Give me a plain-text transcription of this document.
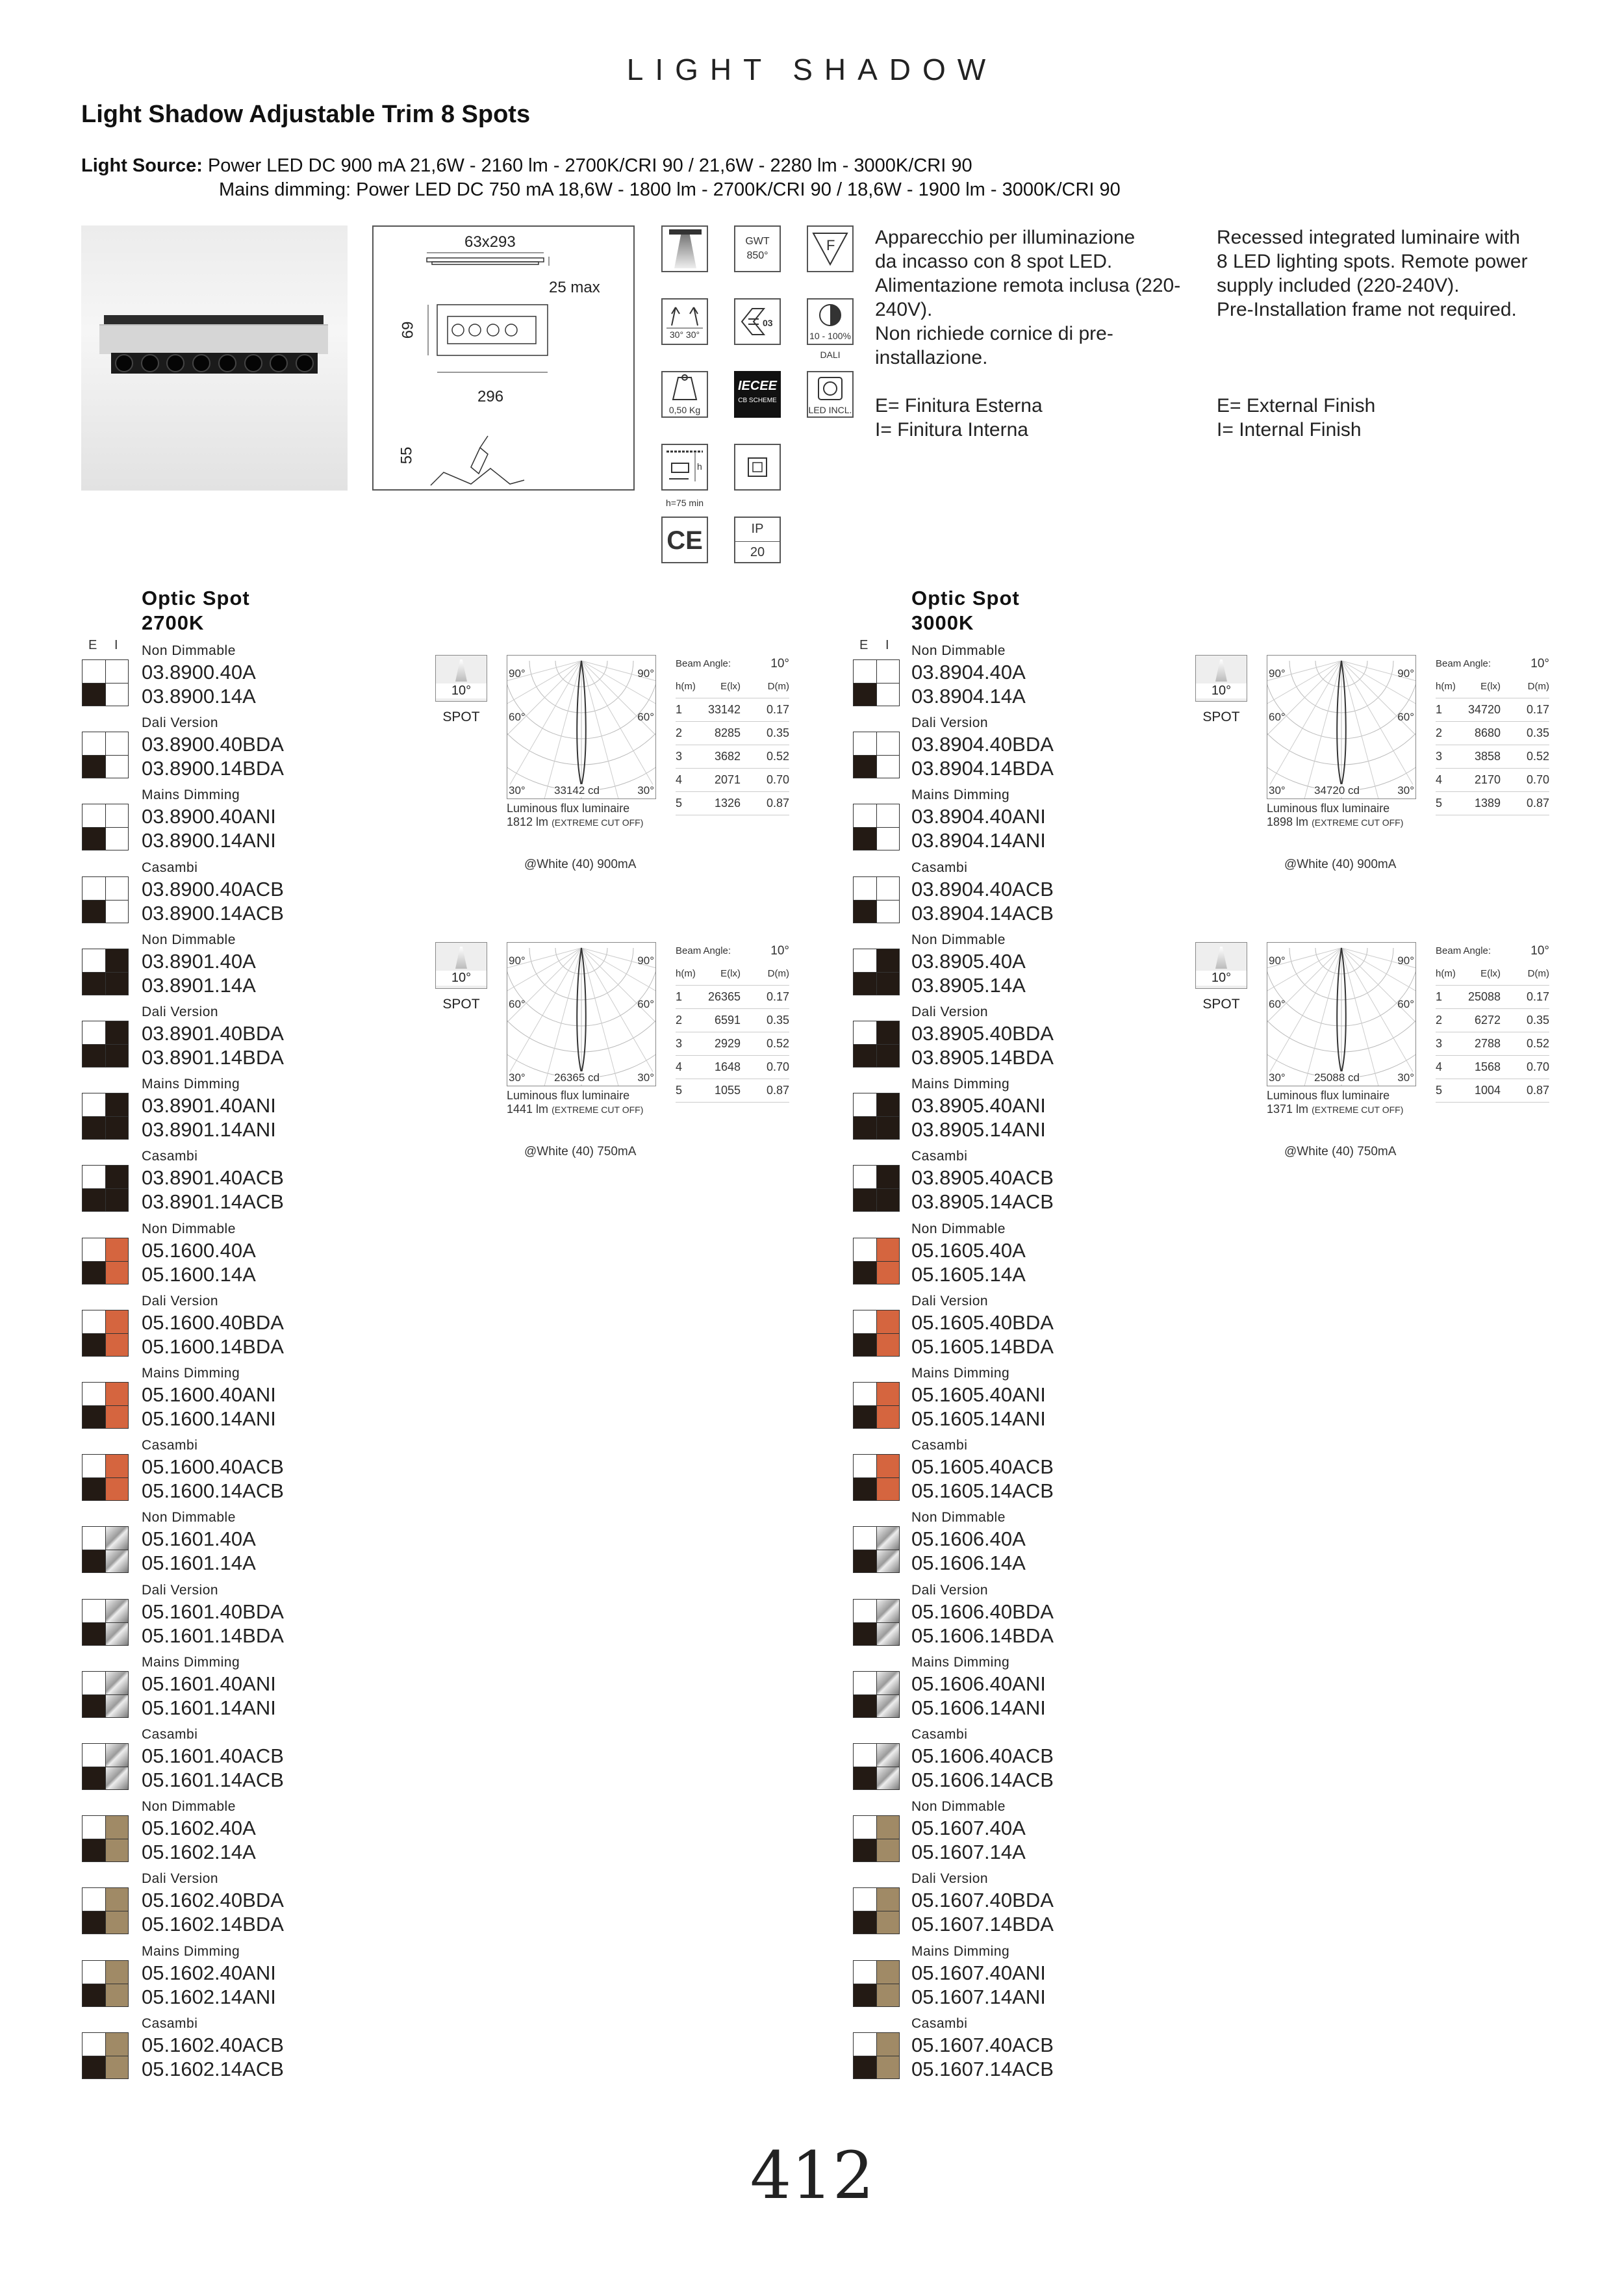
LIGHT SHADOW
Light Shadow Adjustable Trim 8 Spots
Light Source: Power LED DC 900 mA 21,6W - 2160 lm - 2700K/CRI 90 / 21,6W - 2280 lm - 3000K/CRI 90
Mains dimming: Power LED DC 750 mA 18,6W - 1800 lm - 2700K/CRI 90 / 18,6W - 1900 lm - 3000K/CRI 90
63x293
25 max
69
296
55
GWT
850°
F
30° 30°
03
10 - 100%
DALI
0,50 Kg
IECEE
CB SCHEME
LED INCL.
h
h=75 min
CE	IP
20
Apparecchio per illuminazione
da incasso con 8 spot LED.
Alimentazione remota inclusa (220-
240V).
Non richiede cornice di pre-
installazione.
Recessed integrated luminaire with
8 LED lighting spots. Remote power
supply included (220-240V).
Pre-Installation frame not required.
E= Finitura Esterna
I= Finitura Interna
E= External Finish
I= Internal Finish
Optic Spot
2700K
E I
Optic Spot
3000K
E I
Non Dimmable
03.8900.40A
03.8900.14A
Dali Version
03.8900.40BDA
03.8900.14BDA
Mains Dimming
03.8900.40ANI
03.8900.14ANI
Casambi
03.8900.40ACB
03.8900.14ACB
Non Dimmable
03.8901.40A
03.8901.14A
Dali Version
03.8901.40BDA
03.8901.14BDA
Mains Dimming
03.8901.40ANI
03.8901.14ANI
Casambi
03.8901.40ACB
03.8901.14ACB
Non Dimmable
05.1600.40A
05.1600.14A
Dali Version
05.1600.40BDA
05.1600.14BDA
Mains Dimming
05.1600.40ANI
05.1600.14ANI
Casambi
05.1600.40ACB
05.1600.14ACB
Non Dimmable
05.1601.40A
05.1601.14A
Dali Version
05.1601.40BDA
05.1601.14BDA
Mains Dimming
05.1601.40ANI
05.1601.14ANI
Casambi
05.1601.40ACB
05.1601.14ACB
Non Dimmable
05.1602.40A
05.1602.14A
Dali Version
05.1602.40BDA
05.1602.14BDA
Mains Dimming
05.1602.40ANI
05.1602.14ANI
Casambi
05.1602.40ACB
05.1602.14ACB
Non Dimmable
03.8904.40A
03.8904.14A
Dali Version
03.8904.40BDA
03.8904.14BDA
Mains Dimming
03.8904.40ANI
03.8904.14ANI
Casambi
03.8904.40ACB
03.8904.14ACB
Non Dimmable
03.8905.40A
03.8905.14A
Dali Version
03.8905.40BDA
03.8905.14BDA
Mains Dimming
03.8905.40ANI
03.8905.14ANI
Casambi
03.8905.40ACB
03.8905.14ACB
Non Dimmable
05.1605.40A
05.1605.14A
Dali Version
05.1605.40BDA
05.1605.14BDA
Mains Dimming
05.1605.40ANI
05.1605.14ANI
Casambi
05.1605.40ACB
05.1605.14ACB
Non Dimmable
05.1606.40A
05.1606.14A
Dali Version
05.1606.40BDA
05.1606.14BDA
Mains Dimming
05.1606.40ANI
05.1606.14ANI
Casambi
05.1606.40ACB
05.1606.14ACB
Non Dimmable
05.1607.40A
05.1607.14A
Dali Version
05.1607.40BDA
05.1607.14BDA
Mains Dimming
05.1607.40ANI
05.1607.14ANI
Casambi
05.1607.40ACB
05.1607.14ACB
10°
SPOT
90°	90°
60°	60°
30°	30°
33142 cd
Luminous flux luminaire
1812 lm (EXTREME CUT OFF)
@White (40) 900mA
Beam Angle:	10°
h(m)	E(lx)	D(m)
1	33142	0.17
2	8285	0.35
3	3682	0.52
4	2071	0.70
5	1326	0.87
10°
SPOT
90°	90°
60°	60°
30°	30°
26365 cd
Luminous flux luminaire
1441 lm (EXTREME CUT OFF)
@White (40) 750mA
Beam Angle:	10°
h(m)	E(lx)	D(m)
1	26365	0.17
2	6591	0.35
3	2929	0.52
4	1648	0.70
5	1055	0.87
10°
SPOT
90°	90°
60°	60°
30°	30°
34720 cd
Luminous flux luminaire
1898 lm (EXTREME CUT OFF)
@White (40) 900mA
Beam Angle:	10°
h(m)	E(lx)	D(m)
1	34720	0.17
2	8680	0.35
3	3858	0.52
4	2170	0.70
5	1389	0.87
10°
SPOT
90°	90°
60°	60°
30°	30°
25088 cd
Luminous flux luminaire
1371 lm (EXTREME CUT OFF)
@White (40) 750mA
Beam Angle:	10°
h(m)	E(lx)	D(m)
1	25088	0.17
2	6272	0.35
3	2788	0.52
4	1568	0.70
5	1004	0.87
412
